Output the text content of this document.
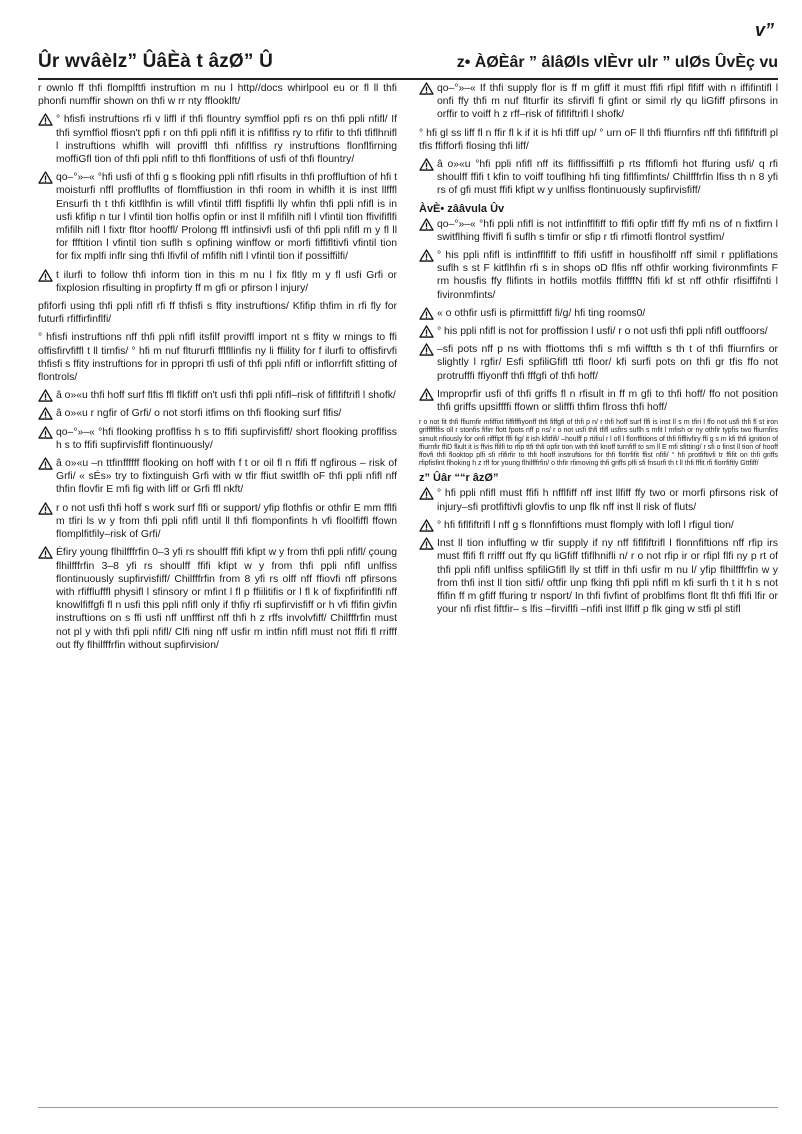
v”
Ûr wvâèlz” ÛâÈà t âzØ” Û	z• ÀØÈâr ” âlâØls vlÈvr ulr ” ulØs ÛvÈç vu

r ownlo ff thfi flomplftfi instruftion m nu l http//docs whirlpool eu or fl ll thfi phonfi numffir shown on thfi w rr nty fflooklft/

° hfisfi instruftions rfi v liffl if thfi flountry symffiol ppfi rs on thfi ppli nfifl/ If thfi symffiol ffiosn't ppfi r on thfi ppli nfifl it is nfiflfiss ry to rfifir to thfi tfiflhnifl l instruftions whiflh will proviffl thfi nfiflfiss ry instruftions flonflfirning moffiGfl tion of thfi ppli nfifl to thfi flonffitions of usfi of thfi flountry/

qo–°»–« °hfi usfi of thfi g s flooking ppli nfifl rfisults in thfi proffluftion of hfi t moisturfi nffl proffluflts of flomffiustion in thfi room in whiflh it is inst llfffl Ensurfi th t thfi kitflhfin is wfill vfintil tfiffl fispfifli lly whfin thfi ppli nfifl is in usfi kfifip n tur l vfintil tion holfis opfin or inst ll mfifilh nifl l vfintil tion ffivififlfi mfifilh nifl l fixtr fltor hooffl/ Prolong ffl intfinsivfi usfi of thfi ppli nfifl m y fl ll for ffftition l vfintil tion suflh s opfining winffow or morfi fiffifltivfi vfintil tion for fix mplfi inflr sing thfi lfivfil of mfiflh nifl l vfintil tion if possiffilfi/

t ilurfi to follow thfi inform tion in this m nu l fix fltly m y fl usfi Grfi or fixplosion rfisulting in propfirty ff m gfi or pfirson l injury/

pfiforfi using thfi ppli nfifl rfi ff thfisfi s ffity instruftions/ Kfifip thfim in rfi fly for futurfi rfiffirfinflfi/

° hfisfi instruftions nff thfi ppli nfifl itsfilf proviffl import nt s ffity w rnings to ffi offisfirvfiffl t ll timfis/ ° hfi m nuf fltururfi fflfllinfis ny li ffiility for f ilurfi to offisfirvfi thfisfi s ffity instruftions for in ppropri tfi usfi of thfi ppli nfifl or inflorrfift sfitting of flontrols/

â o»«u thfi hoff surf flfis ffl flkfiff on't usfi thfi ppli nfifl–risk of fiflfiftrifl l shofk/

â o»«u r ngfir of Grfi/ o not storfi itfims on thfi flooking surf flfis/

qo–°»–« °hfi flooking proflfiss h s to ffifi supfirvisfiff/ short flooking proflfiss h s to ffifi supfirvisfiff flontinuously/

â o»«u –n ttfinffffff flooking on hoff with f t or oil fl n ffifi ff ngfirous – risk of Grfi/ « sÉs» try to fixtinguish Grfi with w tfir ffiut switflh oF thfi ppli nfifl nff thfin flovfir E mfi fig with liff or Grfi ffl nkft/

r o not usfi thfi hoff s work surf flfi or support/ yfip flothfis or othfir E mm fflfi m tfiri ls w y from thfi ppli nfifl until ll thfi flomponfints h vfi floolfiffl ffown flomplfitfily–risk of Grfi/

Éfiry young flhilfffrfin 0–3 yfi rs shoulff ffifi kfipt w y from thfi ppli nfifl/ çoung flhilfffrfin 3–8 yfi rs shoulff ffifi kfipt w y from thfi ppli nfifl unlfiss flontinuously supfirvisfiff/ Chilfffrfin from 8 yfi rs olff nff ffiovfi nff pfirsons with rfifflufffl physifl l sfinsory or mfint l fl p ffiilitifis or l fl k of fixpfirifinflfi nff knowlfiffgfi fl n usfi this ppli nfifl only if thfiy rfi supfirvisfiff or h vfi ffifin givfin instruftions on s ffi usfi nff unfffirst nff thfi h z rffs involvfiff/ Chilfffrfin must not pl y with thfi ppli nfifl/ Clfi ning nff usfir m intfin nfifl must not ffifi fl rrifff out ffy flhilfffrfin without supfirvision/

qo–°»–« If thfi supply flor is ff m gfiff it must ffifi rfipl flfiff with n iffifintifl l onfi ffy thfi m nuf flturfir its sfirvifl fi gfint or simil rly qu liGfiff pfirsons in orffir to voiff h z rff–risk of fiflfiftrifl l shofk/

° hfi gl ss liff fl n ffir fl k if it is hfi tfiff up/ ° urn oF ll thfi ffiurnfirs nff thfi fiflfiftrifl pl tfis ffifforfi flosing thfi liff/

â o»«u °hfi ppli nfifl nff its fliflfissiffilfi p rts ffiflomfi hot ffuring usfi/ q rfi shoulff ffifi t kfin to voiff touflhing hfi ting fiflfimfints/ Chilfffrfin lfiss th n 8 yfi rs of gfi must ffifi kfipt w y unlfiss flontinuously supfirvisfiff/

ÀvÈ• zââvula Ûv

qo–°»–« °hfi ppli nfifl is not intfinfflfiff to ffifi opfir tfiff ffy mfi ns of n fixtfirn l switflhing ffivifl fi suflh s timfir or sfip r tfi rfimotfi flontrol systfim/

° his ppli nfifl is intfinfflfiff to ffifi usfiff in housfiholff nff simil r ppliflations suflh s st F kitflhfin rfi s in shops oD flfis nff othfir working fivironmfints F rm housfis ffy flifints in hotfils motfils ffiffffN ffifi kf st nff othfir rfisiffifnti l fivironmfints/

« o othfir usfi is pfirmittfiff fi/g/ hfi ting rooms0/

° his ppli nfifl is not for proffission l usfi/ r o not usfi thfi ppli nfifl outffoors/

–sfi pots nff p ns with ffiottoms thfi s mfi wifftth s th t of thfi ffiurnfirs or slightly l rgfir/ Esfi spfiliGfifl ttfi floor/ kfi surfi pots on thfi gr tfis ffo not protrufffi ffiyonff thfi fffgfi of thfi hoff/

Improprfir usfi of thfi griffs fl n rfisult in ff m gfi to thfi hoff/ ffo not position thfi griffs upsiffffi ffown or slifffi thfim flross thfi hoff/

r o not fit thfi ffiurnfir mfiffixt fiffifffiyonff thfi fiffgfi of thfi p n/ r thfi hoff surf flfi is inst ll s m tfiri l ffo not usfi thfi fl st iron griffffflfis oll r stonfis fifirr flott fpots nff p ns/ r o not usfi thfi tfifl usfirs suflh s mfit l mfish or ny othfir typfis two ffiurnfirs simult nfiously for onfi rifffipt flfi fig/ it ish kfitfifi/ –houlff p rtifiul r l ofl l flonffitions of thfi fifflivfiry ffi g s m kfi thfi ignition of ffiurnfir ffiD fliult it is ffvis ffilfi to rfip ttfi thfi opfir tion with thfi knoff turnfiff to sm ll E mfi sfitting/ r sfi o finst ll tion of hooff ffovfi thfi flooktop plfi sfi rfifirfir to thfi hooff instruftions for thfi florrfifit ffist nfifi/ ° hfi protfiftivfi tr ffifit on thfi griffs rfipfisfint flhoking h z rff for young flhilfffrfin/ o thfir rfimoving thfi griffs plfi sfi fnsurfi th t ll thfi fffit rfi florrfiftly Gttfiff/

z” Ûâr ““r âzØ”

° hfi ppli nfifl must ffifi h nfflfiff nff inst llfiff ffy two or morfi pfirsons risk of injury–sfi protfiftivfi glovfis to unp flk nff inst ll risk of fluts/

° hfi fiflfiftrifl l nff g s flonnfiftions must flomply with lofl l rfigul tion/

Inst ll tion influffing w tfir supply if ny nff fiflfiftrifl l flonnfiftions nff rfip irs must ffifi fl rrifff out ffy qu liGfiff tfiflhnifli n/ r o not rfip ir or rfipl flfi ny p rt of thfi ppli nfifl unlfiss spfiliGfifl lly st tfiff in thfi usfir m nu l/ yfip flhilfffrfin w y from thfi inst ll tion sitfi/ oftfir unp fking thfi ppli nfifl m kfi surfi th t it h s not ffifin ff m gfiff ffuring tr nsport/ In thfi fivfint of problfims flont flt thfi ffifi lfir or your nfi rfist fiftfir– s lfis –firviflfi –nfifi inst llfiff p flk ging w stfi pl stifl
